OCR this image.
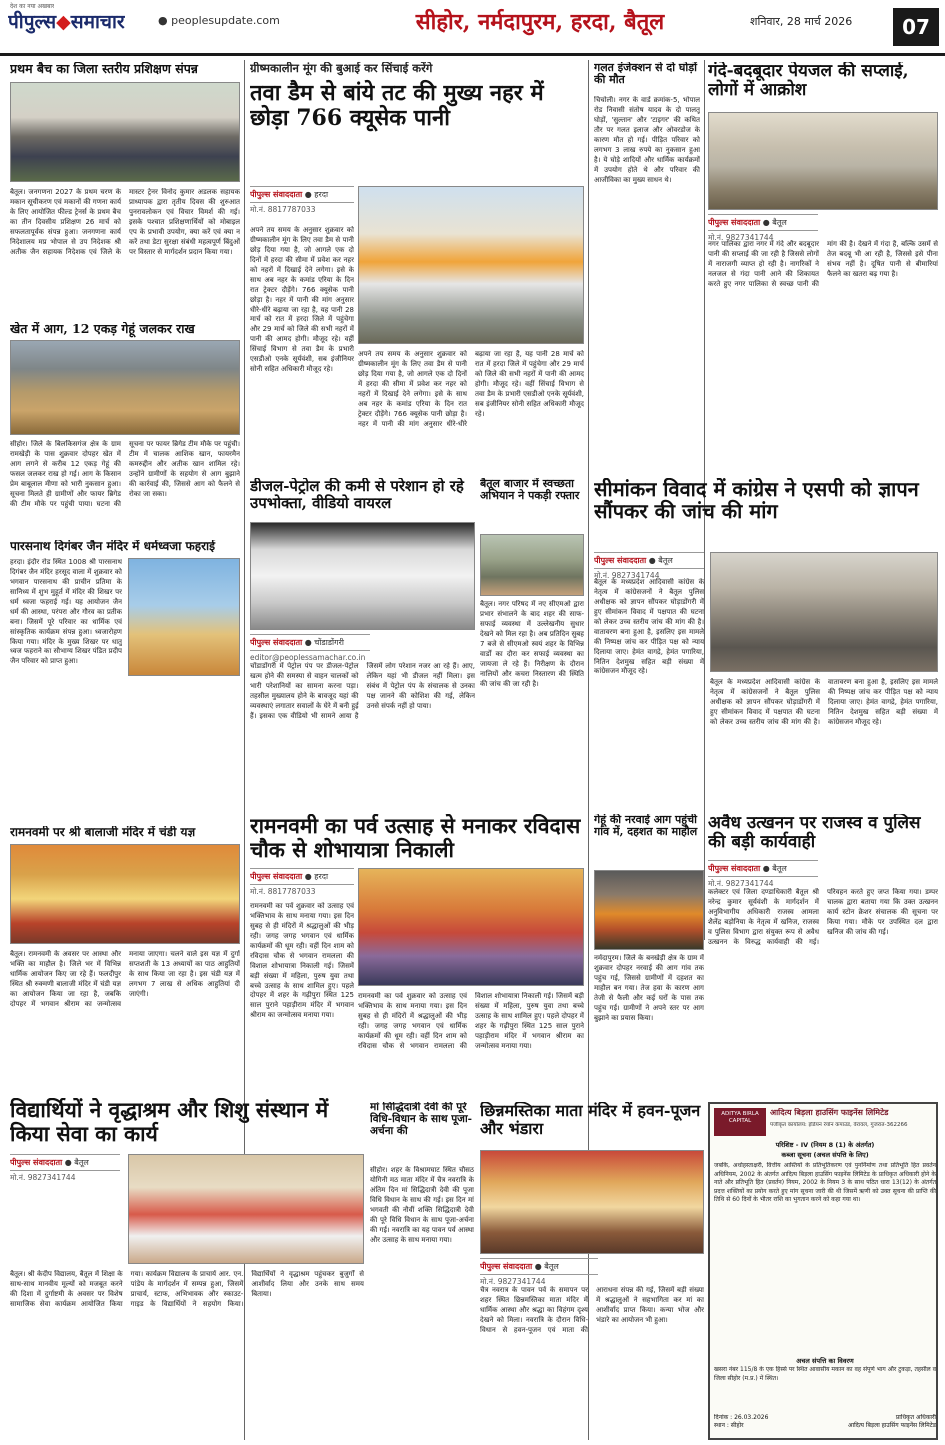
देश का नया अखबार
पीपुल्स◆समाचार	● peoplesupdate.com	सीहोर, नर्मदापुरम, हरदा, बैतूल	शनिवार, 28 मार्च 2026	07
प्रथम बैच का जिला स्तरीय प्रशिक्षण संपन्न
बैतूल। जनगणना 2027 के प्रथम चरण के मकान सूचीकरण एवं मकानों की गणना कार्य के लिए आयोजित फील्ड ट्रेनर्स के प्रथम बैच का तीन दिवसीय प्रशिक्षण 26 मार्च को सफलतापूर्वक संपन्न हुआ। जनगणना कार्य निदेशालय मप्र भोपाल से उप निदेशक श्री अतीक जैन सहायक निदेशक एवं जिले के मास्टर ट्रेनर विनोद कुमार अडलक सहायक प्राध्यापक द्वारा तृतीय दिवस की शुरुआत पुनरावलोकन एवं विचार विमर्श की गई। इसके पश्चात प्रशिक्षणार्थियों को मोबाइल एप के प्रभावी उपयोग, क्या करें एवं क्या न करें तथा डेटा सुरक्षा संबंधी महत्वपूर्ण बिंदुओं पर विस्तार से मार्गदर्शन प्रदान किया गया।
खेत में आग, 12 एकड़ गेहूं जलकर राख
सीहोर। जिले के बिलकिसगंज क्षेत्र के ग्राम रामखेड़ी के पास शुक्रवार दोपहर खेत में आग लगने से करीब 12 एकड़ गेहूं की फसल जलकर राख हो गई। आग के किसान प्रेम बाबूलाल मीणा को भारी नुकसान हुआ। सूचना मिलते ही ग्रामीणों और फायर ब्रिगेड की टीम मौके पर पहुंची पाया। घटना की सूचना पर फायर ब्रिगेड टीम मौके पर पहुंची। टीम में चालक आशिक खान, फायरमैन कमरुद्दीन और अतीक खान शामिल रहे। उन्होंने ग्रामीणों के सहयोग से आग बुझाने की कार्रवाई की, जिससे आग को फैलने से रोका जा सका।
पारसनाथ दिगंबर जैन मंदिर में धर्मध्वजा फहराई
हरदा। इंदौर रोड स्थित 1008 श्री पारसनाथ दिगंबर जैन मंदिर हरसूद वाला में शुक्रवार को भगवान पारसनाथ की प्राचीन प्रतिमा के सानिध्य में शुभ मुहूर्त में मंदिर की शिखर पर धर्म ध्वजा फहराई गई। यह आयोजन जैन धर्म की आस्था, परंपरा और गौरव का प्रतीक बना। जिसमें पूरे परिवार का धार्मिक एवं सांस्कृतिक कार्यक्रम संपन्न हुआ। ध्वजारोहण किया गया। मंदिर के मुख्य शिखर पर धातु ध्वज फहराने का सौभाग्य शिखर पंडित प्रदीप जैन परिवार को प्राप्त हुआ।
रामनवमी पर श्री बालाजी मंदिर में चंडी यज्ञ
बैतूल। रामनवमी के अवसर पर आस्था और भक्ति का माहौल है। जिले भर में विभिन्न धार्मिक आयोजन किए जा रहे हैं। फलदीपुर स्थित श्री रुक्मणी बालाजी मंदिर में चंडी यज्ञ का आयोजन किया जा रहा है, जबकि दोपहर में भगवान श्रीराम का जन्मोत्सव मनाया जाएगा। चलने वाले इस यज्ञ में दुर्गा सप्तशती के 13 अध्यायों का पाठ आहुतियों के साथ किया जा रहा है। इस चंडी यज्ञ में लगभग 7 लाख से अधिक आहुतियां दी जाएंगी।
विद्यार्थियों ने वृद्धाश्रम और शिशु संस्थान में किया सेवा का कार्य
पीपुल्स संवाददाता ● बैतूल
मो.नं. 9827341744
बैतूल। श्री केदीप विद्यालय, बैतूल में शिक्षा के साथ-साथ मानवीय मूल्यों को मजबूत करने की दिशा में दुर्गाष्टमी के अवसर पर विशेष सामाजिक सेवा कार्यक्रम आयोजित किया गया। कार्यक्रम विद्यालय के प्राचार्य आर. एन. पांडेय के मार्गदर्शन में सम्पन्न हुआ, जिसमें प्राचार्य, स्टाफ, अभिभावक और स्काउट-गाइड के विद्यार्थियों ने सहयोग किया। विद्यार्थियों ने वृद्धाश्रम पहुंचकर बुजुर्गों से आशीर्वाद लिया और उनके साथ समय बिताया।
ग्रीष्मकालीन मूंग की बुआई कर सिंचाई करेंगे
तवा डैम से बांये तट की मुख्य नहर में छोड़ा 766 क्यूसेक पानी
पीपुल्स संवाददाता ● हरदा
मो.नं. 8817787033
अपने तय समय के अनुसार शुक्रवार को ग्रीष्मकालीन मूंग के लिए तवा डैम से पानी छोड़ दिया गया है, जो आगले एक दो दिनों में हरदा की सीमा में प्रवेश कर नहर को नहरों में दिखाई देने लगेगा। इसे के साथ अब नहर के कमांड एरिया के दिन रात ट्रेक्टर दौड़ेंगे। 766 क्यूसेक पानी छोड़ा है। नहर में पानी की मांग अनुसार धीरे-धीरे बढ़ाया जा रहा है, यह पानी 28 मार्च को रात में हरदा जिले में पहुंचेगा और 29 मार्च को जिले की सभी नहरों में पानी की आमद होगी। मौजूद रहे। वहीं सिंचाई विभाग से तवा डैम के प्रभारी एसडीओ एनके सूर्यवंशी, सब इंजीनियर सोनी सहित अधिकारी मौजूद रहे।
अपने तय समय के अनुसार शुक्रवार को ग्रीष्मकालीन मूंग के लिए तवा डैम से पानी छोड़ दिया गया है, जो आगले एक दो दिनों में हरदा की सीमा में प्रवेश कर नहर को नहरों में दिखाई देने लगेगा। इसे के साथ अब नहर के कमांड एरिया के दिन रात ट्रेक्टर दौड़ेंगे। 766 क्यूसेक पानी छोड़ा है। नहर में पानी की मांग अनुसार धीरे-धीरे बढ़ाया जा रहा है, यह पानी 28 मार्च को रात में हरदा जिले में पहुंचेगा और 29 मार्च को जिले की सभी नहरों में पानी की आमद होगी। मौजूद रहे। वहीं सिंचाई विभाग से तवा डैम के प्रभारी एसडीओ एनके सूर्यवंशी, सब इंजीनियर सोनी सहित अधिकारी मौजूद रहे।
डीजल-पेट्रोल की कमी से परेशान हो रहे उपभोक्ता, वीडियो वायरल
पीपुल्स संवाददाता ● चोंडाडोंगरी
editor@peoplessamachar.co.in
चोंडाडोंगरी में पेट्रोल पंप पर डीजल-पेट्रोल खत्म होने की समस्या से वाहन चालकों को भारी परेशानियों का सामना करना पड़ा। तहसील मुख्यालय होने के बावजूद यहां की व्यवस्थाएं लगातार सवालों के घेरे में बनी हुई हैं। इसका एक वीडियो भी सामने आया है जिसमें लोग परेशान नजर आ रहे हैं। आए, लेकिन यहां भी डीजल नहीं मिला। इस संबंध में पेट्रोल पंप के संचालक से उनका पक्ष जानने की कोशिश की गई, लेकिन उनसे संपर्क नहीं हो पाया।
बैतूल बाजार में स्वच्छता अभियान ने पकड़ी रफ्तार
बैतूल। नगर परिषद में नए सीएमओ द्वारा प्रभार संभालने के बाद शहर की साफ-सफाई व्यवस्था में उल्लेखनीय सुधार देखने को मिल रहा है। अब प्रतिदिन सुबह 7 बजे से सीएमओ स्वयं शहर के विभिन्न वार्डों का दौरा कर सफाई व्यवस्था का जायजा ले रहे हैं। निरीक्षण के दौरान नालियों और कचरा निस्तारण की स्थिति की जांच की जा रही है।
रामनवमी का पर्व उत्साह से मनाकर रविदास चौक से शोभायात्रा निकाली
पीपुल्स संवाददाता ● हरदा
मो.नं. 8817787033
रामनवमी का पर्व शुक्रवार को उत्साह एवं भक्तिभाव के साथ मनाया गया। इस दिन सुबह से ही मंदिरों में श्रद्धालुओं की भीड़ रही। जगह जगह भगवान एवं धार्मिक कार्यक्रमों की धूम रही। वहीं दिन शाम को रविदास चौक से भगवान रामलला की विशाल शोभायात्रा निकाली गई। जिसमें बड़ी संख्या में महिला, पुरुष युवा तथा बच्चे उत्साह के साथ शामिल हुए। पहले दोपहर में शहर के गढ़ीपुरा स्थित 125 साल पुराने पहाड़ीराम मंदिर में भगवान श्रीराम का जन्मोत्सव मनाया गया।
रामनवमी का पर्व शुक्रवार को उत्साह एवं भक्तिभाव के साथ मनाया गया। इस दिन सुबह से ही मंदिरों में श्रद्धालुओं की भीड़ रही। जगह जगह भगवान एवं धार्मिक कार्यक्रमों की धूम रही। वहीं दिन शाम को रविदास चौक से भगवान रामलला की विशाल शोभायात्रा निकाली गई। जिसमें बड़ी संख्या में महिला, पुरुष युवा तथा बच्चे उत्साह के साथ शामिल हुए। पहले दोपहर में शहर के गढ़ीपुरा स्थित 125 साल पुराने पहाड़ीराम मंदिर में भगवान श्रीराम का जन्मोत्सव मनाया गया।
मां सिद्धिदात्री देवी की पूरे विधि-विधान के साथ पूजा-अर्चना की
सीहोर। शहर के विश्रामघाट स्थित चौसठ योगिनी मठ माता मंदिर में चैत्र नवरात्रि के अंतिम दिन मां सिद्धिदात्री देवी की पूजा विधि विधान के साथ की गई। इस दिन मां भगवती की नौवीं शक्ति सिद्धिदात्री देवी की पूरे विधि विधान के साथ पूजा-अर्चना की गई। नवरात्रि का यह पावन पर्व आस्था और उत्साह के साथ मनाया गया।
गलत इंजेक्शन से दो घोड़ों की मौत
चिचोली। नगर के वार्ड क्रमांक-5, भोपाल रोड निवासी संतोष यादव के दो पालतू घोड़ों, 'सुल्तान' और 'टाइगर' की कथित तौर पर गलत इलाज और ओवरडोज के कारण मौत हो गई। पीड़ित परिवार को लगभग 3 लाख रुपये का नुकसान हुआ है। ये घोड़े शादियों और धार्मिक कार्यक्रमों में उपयोग होते थे और परिवार की आजीविका का मुख्य साधन थे।
गंदे-बदबूदार पेयजल की सप्लाई, लोगों में आक्रोश
पीपुल्स संवाददाता ● बैतूल
मो.नं. 9827341744
नगर पालिका द्वारा नगर में गंदे और बदबूदार पानी की सप्लाई की जा रही है जिससे लोगों में नाराजगी व्याप्त हो रही है। नागरिकों ने नलजल से गंदा पानी आने की शिकायत करते हुए नगर पालिका से स्वच्छ पानी की मांग की है। देखने में गंदा है, बल्कि उसमें से तेज बदबू भी आ रही है, जिससे इसे पीना संभव नहीं है। दूषित पानी से बीमारियां फैलने का खतरा बढ़ गया है।
सीमांकन विवाद में कांग्रेस ने एसपी को ज्ञापन सौंपकर की जांच की मांग
पीपुल्स संवाददाता ● बैतूल
मो.नं. 9827341744
बैतूल के मध्यप्रदेश आदिवासी कांग्रेस के नेतृत्व में कांग्रेसजनों ने बैतूल पुलिस अधीक्षक को ज्ञापन सौंपकर घोड़ाडोंगरी में हुए सीमांकन विवाद में पक्षपात की घटना को लेकर उच्च स्तरीय जांच की मांग की है। वातावरण बना हुआ है, इसलिए इस मामले की निष्पक्ष जांच कर पीड़ित पक्ष को न्याय दिलाया जाए। हेमंत वागद्रे, हेमंत पगारिया, नितिन देशमुख सहित बड़ी संख्या में कांग्रेसजन मौजूद रहे।
बैतूल के मध्यप्रदेश आदिवासी कांग्रेस के नेतृत्व में कांग्रेसजनों ने बैतूल पुलिस अधीक्षक को ज्ञापन सौंपकर घोड़ाडोंगरी में हुए सीमांकन विवाद में पक्षपात की घटना को लेकर उच्च स्तरीय जांच की मांग की है। वातावरण बना हुआ है, इसलिए इस मामले की निष्पक्ष जांच कर पीड़ित पक्ष को न्याय दिलाया जाए। हेमंत वागद्रे, हेमंत पगारिया, नितिन देशमुख सहित बड़ी संख्या में कांग्रेसजन मौजूद रहे।
गेहूं की नरवाई आग पहुंची गांव में, दहशत का माहौल
नर्मदापुरम। जिले के बनखेड़ी क्षेत्र के ग्राम में शुक्रवार दोपहर नरवाई की आग गांव तक पहुंच गई, जिससे ग्रामीणों में दहशत का माहौल बन गया। तेज हवा के कारण आग तेजी से फैली और कई घरों के पास तक पहुंच गई। ग्रामीणों ने अपने स्तर पर आग बुझाने का प्रयास किया।
अवैध उत्खनन पर राजस्व व पुलिस की बड़ी कार्यवाही
पीपुल्स संवाददाता ● बैतूल
मो.नं. 9827341744
कलेक्टर एवं जिला दण्डाधिकारी बैतूल श्री नरेन्द्र कुमार सूर्यवंशी के मार्गदर्शन में अनुविभागीय अधिकारी राजस्व आमला शैलेंद्र बड़ोनिया के नेतृत्व में खनिज, राजस्व व पुलिस विभाग द्वारा संयुक्त रूप से अवैध उत्खनन के विरुद्ध कार्यवाही की गई। परिवहन करते हुए जप्त किया गया। डम्पर चालक द्वारा बताया गया कि उक्त उत्खनन कार्य स्टोन क्रेशर संचालक की सूचना पर किया गया। मौके पर उपस्थित दल द्वारा खनिज की जांच की गई।
छिन्नमस्तिका माता मंदिर में हवन-पूजन और भंडारा
पीपुल्स संवाददाता ● बैतूल
मो.नं. 9827341744
चैत्र नवरात्र के पावन पर्व के समापन पर शहर स्थित छिन्नमस्तिका माता मंदिर में धार्मिक आस्था और श्रद्धा का विहंगम दृश्य देखने को मिला। नवरात्रि के दौरान विधि-विधान से हवन-पूजन एवं माता की आराधना संपन्न की गई, जिसमें बड़ी संख्या में श्रद्धालुओं ने सहभागिता कर मां का आशीर्वाद प्राप्त किया। कन्या भोज और भंडारे का आयोजन भी हुआ।
ADITYA BIRLA CAPITAL
आदित्य बिड़ला हाउसिंग फाइनेंस लिमिटेड
पंजीकृत कार्यालय: इंडियन रेयॉन कंपाउंड, वेरावल, गुजरात-362266
परिशिष्ट - IV (नियम 8 (1) के अंतर्गत)
कब्जा सूचना (अचल संपत्ति के लिए)
जबकि, अधोहस्ताक्षरी, वित्तीय आस्तियों के प्रतिभूतिकरण एवं पुनर्निर्माण तथा प्रतिभूति हित प्रवर्तन अधिनियम, 2002 के अंतर्गत आदित्य बिड़ला हाउसिंग फाइनेंस लिमिटेड के प्राधिकृत अधिकारी होने के नाते और प्रतिभूति हित (प्रवर्तन) नियम, 2002 के नियम 3 के साथ पठित धारा 13(12) के अंतर्गत प्रदत्त शक्तियों का प्रयोग करते हुए मांग सूचना जारी की थी जिसमें ऋणी को उक्त सूचना की प्राप्ति की तिथि से 60 दिनों के भीतर राशि का भुगतान करने को कहा गया था।
अचल संपत्ति का विवरण
खसरा नंबर 115/8 के एक हिस्से पर स्थित आवासीय मकान का वह संपूर्ण भाग और टुकड़ा, तहसील व जिला सीहोर (म.प्र.) में स्थित।
दिनांक : 26.03.2026
स्थान : सीहोर
प्राधिकृत अधिकारी
आदित्य बिड़ला हाउसिंग फाइनेंस लिमिटेड
